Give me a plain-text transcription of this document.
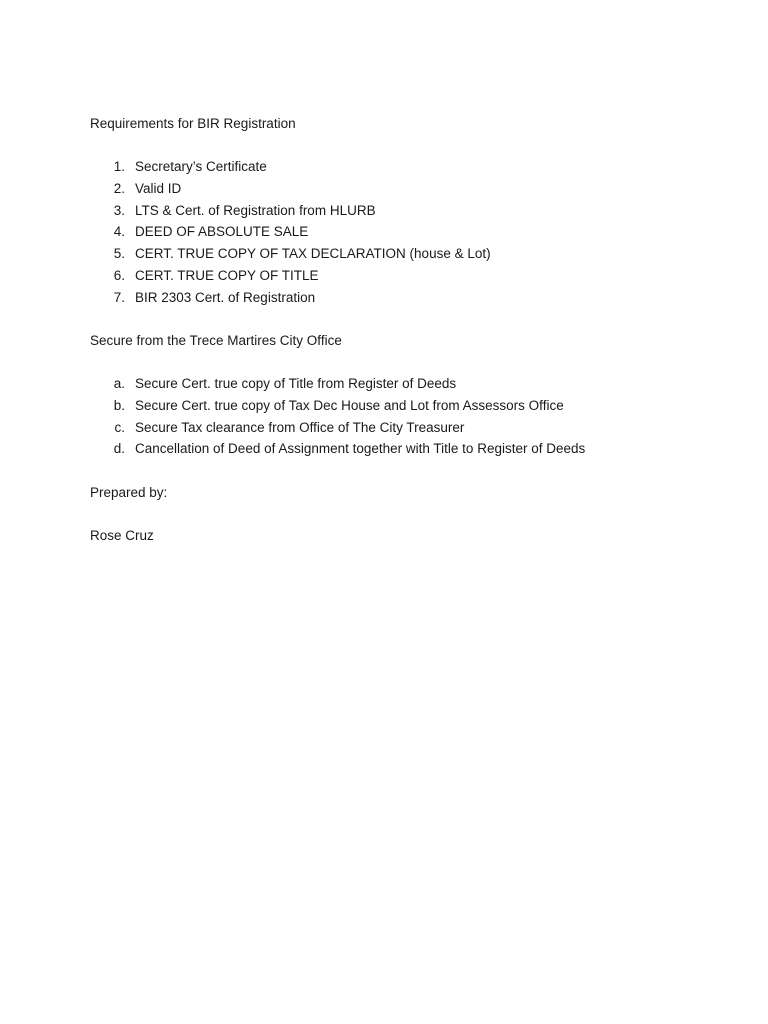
Requirements for BIR Registration

1. Secretary’s Certificate
2. Valid ID
3. LTS & Cert. of Registration from HLURB
4. DEED OF ABSOLUTE SALE
5. CERT. TRUE COPY OF TAX DECLARATION (house & Lot)
6. CERT. TRUE COPY OF TITLE
7. BIR 2303 Cert. of Registration

Secure from the Trece Martires City Office

a. Secure Cert. true copy of Title from Register of Deeds
b. Secure Cert. true copy of Tax Dec House and Lot from Assessors Office
c. Secure Tax clearance from Office of The City Treasurer
d. Cancellation of Deed of Assignment together with Title to Register of Deeds

Prepared by:

Rose Cruz
